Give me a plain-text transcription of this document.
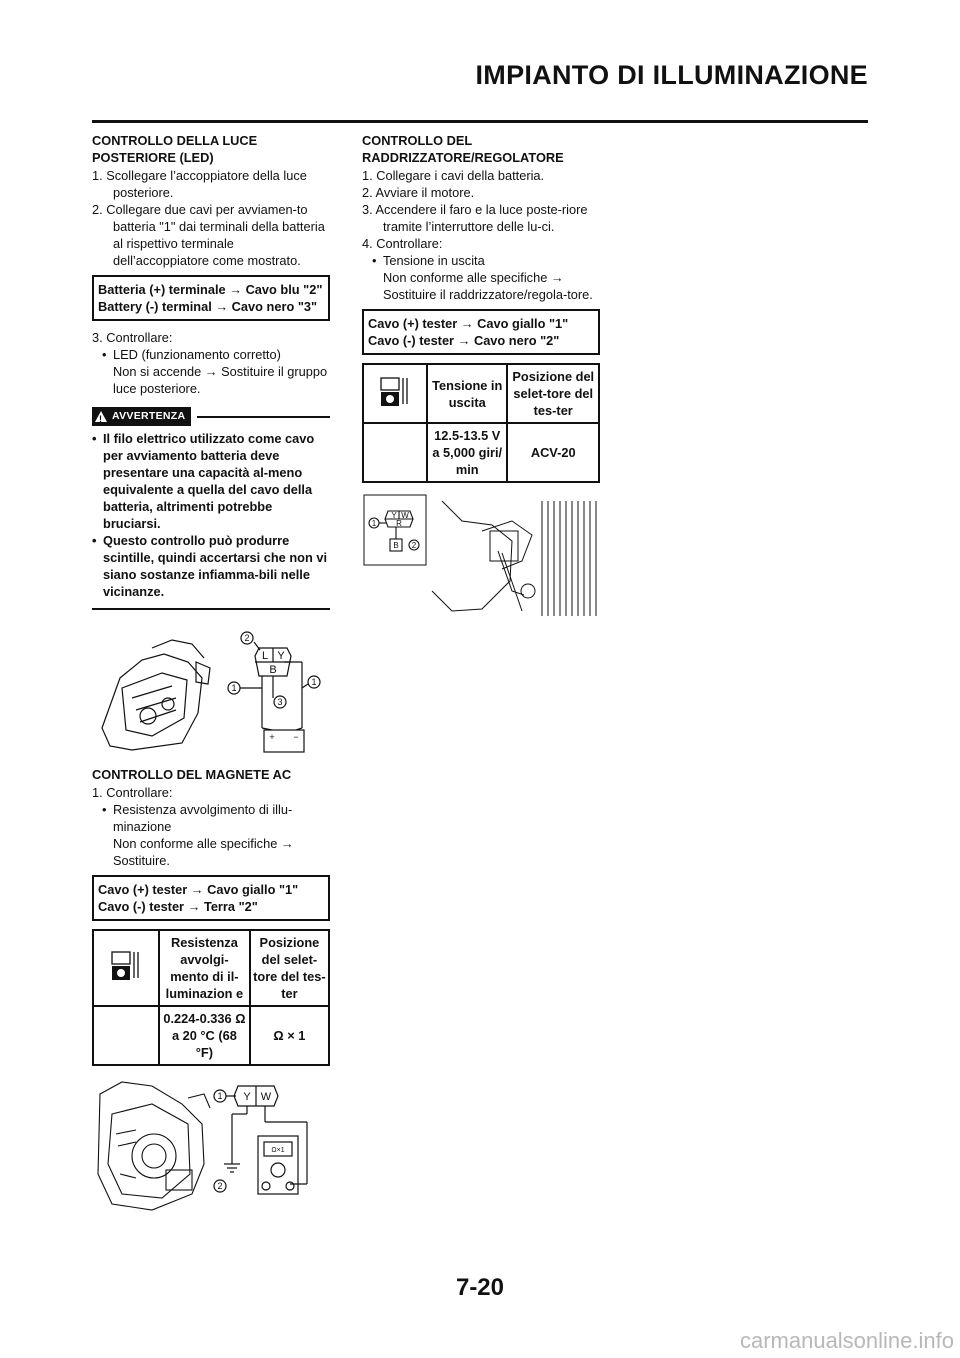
IMPIANTO DI ILLUMINAZIONE
CONTROLLO DELLA LUCE POSTERIORE (LED)
1. Scollegare l’accoppiatore della luce posteriore.
2. Collegare due cavi per avviamen-to batteria "1" dai terminali della batteria al rispettivo terminale dell’accoppiatore come mostrato.
Batteria (+) terminale → Cavo blu "2"
Battery (-) terminal → Cavo nero "3"
3. Controllare:
• LED (funzionamento corretto)
Non si accende → Sostituire il gruppo luce posteriore.
!
AVVERTENZA
• Il filo elettrico utilizzato come cavo per avviamento batteria deve presentare una capacità al-meno equivalente a quella del cavo della batteria, altrimenti potrebbe bruciarsi.
• Questo controllo può produrre scintille, quindi accertarsi che non vi siano sostanze infiamma-bili nelle vicinanze.
2
1
1
3
L Y
B
+ −
CONTROLLO DEL MAGNETE AC
1. Controllare:
• Resistenza avvolgimento di illu-minazione
Non conforme alle specifiche → Sostituire.
Cavo (+) tester → Cavo giallo "1"
Cavo (-) tester → Terra "2"
	Resistenza avvolgi-mento di il-luminazion e	Posizione del selet-tore del tes-ter
	0.224-0.336 Ω a 20 °C (68 °F)	Ω × 1
1
2
Y W
Ω×1
CONTROLLO DEL RADDRIZZATORE/REGOLATORE
1. Collegare i cavi della batteria.
2. Avviare il motore.
3. Accendere il faro e la luce poste-riore tramite l’interruttore delle lu-ci.
4. Controllare:
• Tensione in uscita
Non conforme alle specifiche → Sostituire il raddrizzatore/regola-tore.
Cavo (+) tester → Cavo giallo "1"
Cavo (-) tester → Cavo nero "2"
	Tensione in uscita	Posizione del selet-tore del tes-ter
	12.5-13.5 V a 5,000 giri/ min	ACV-20
1
2
Y W
R
B
7-20
carmanualsonline.info
